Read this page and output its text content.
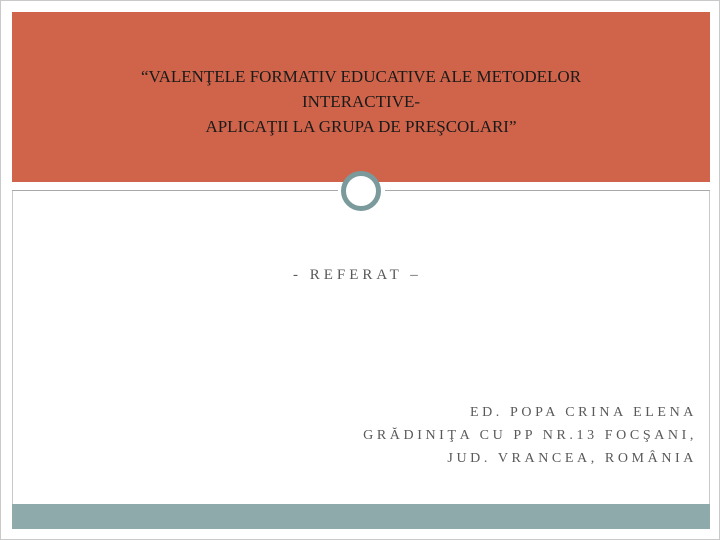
“VALENŢELE FORMATIV EDUCATIVE ALE METODELOR
INTERACTIVE-
APLICAŢII LA GRUPA DE PREŞCOLARI”
- REFERAT –
ED. POPA CRINA ELENA
GRĂDINIŢA CU PP NR.13 FOCŞANI,
JUD. VRANCEA, ROMÂNIA
